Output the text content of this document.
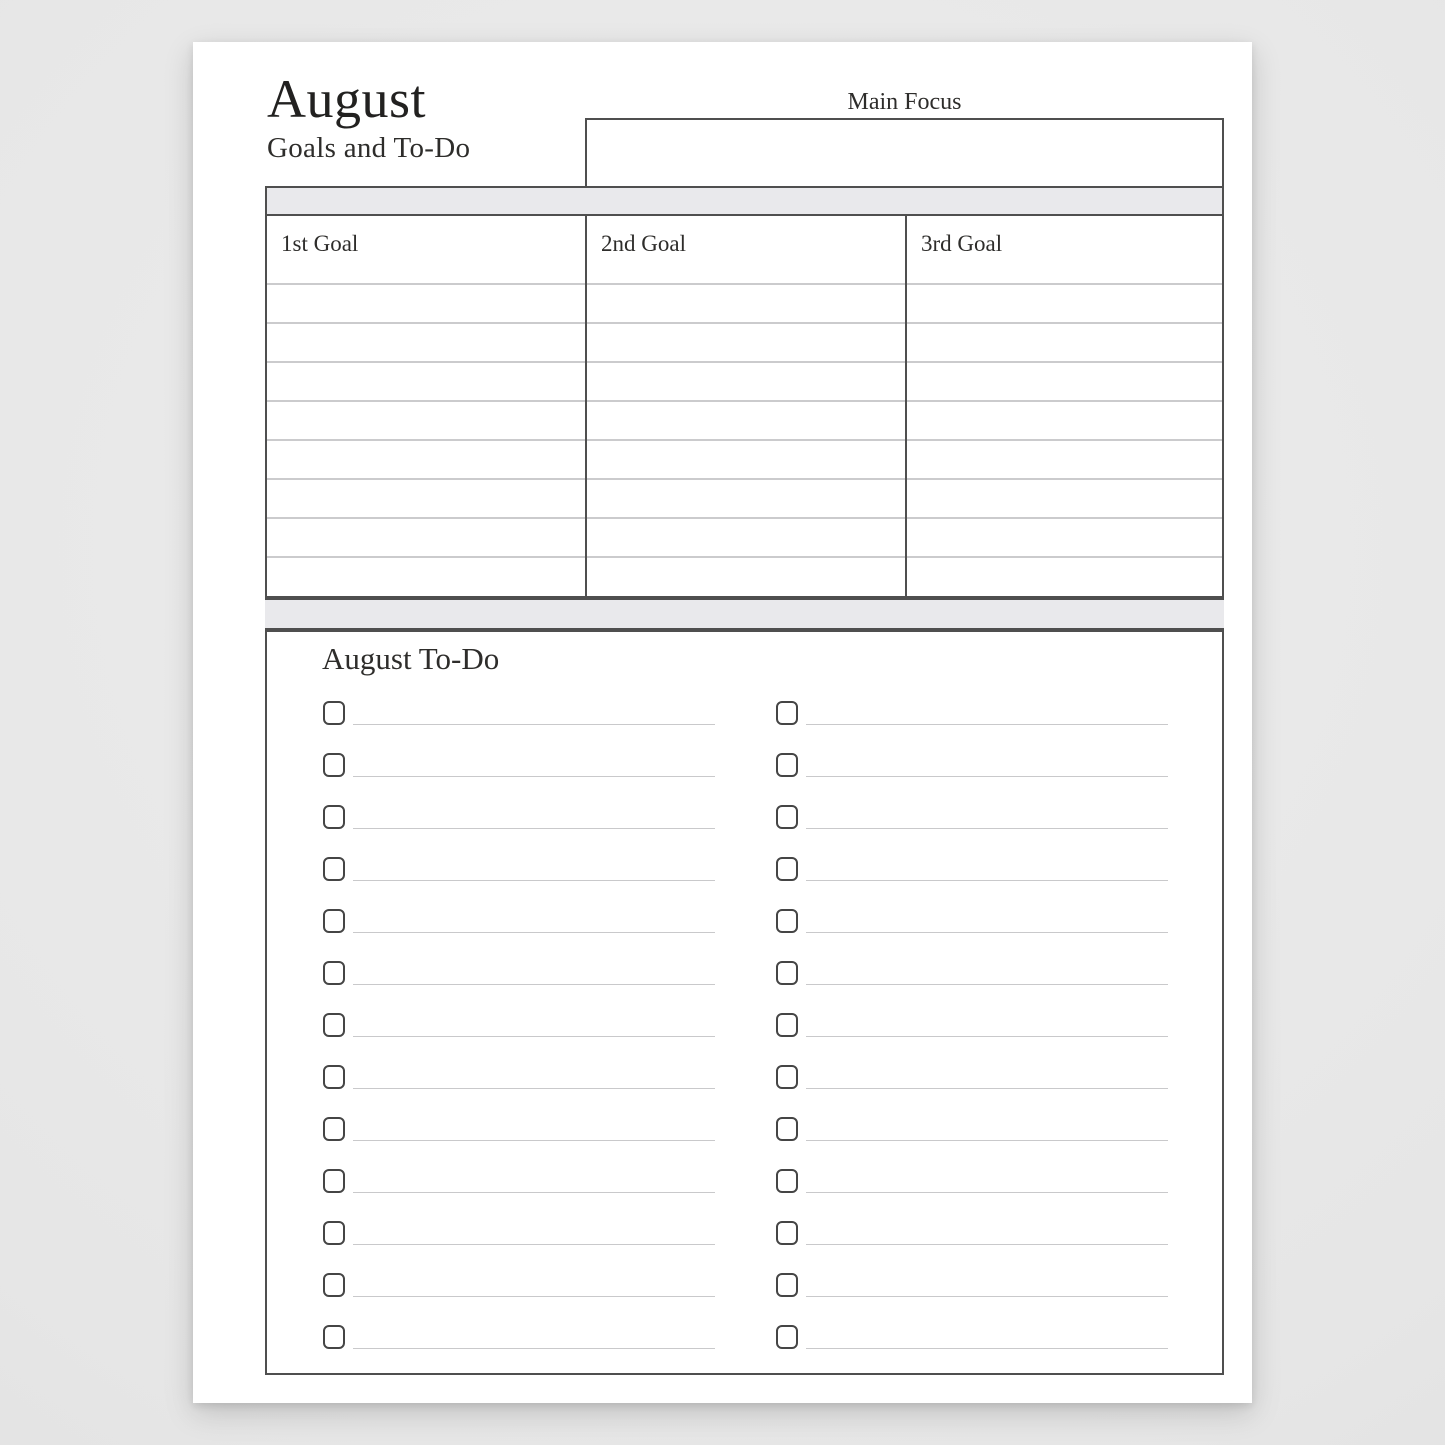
August
Goals and To-Do
Main Focus
1st Goal	2nd Goal	3rd Goal
August To-Do
